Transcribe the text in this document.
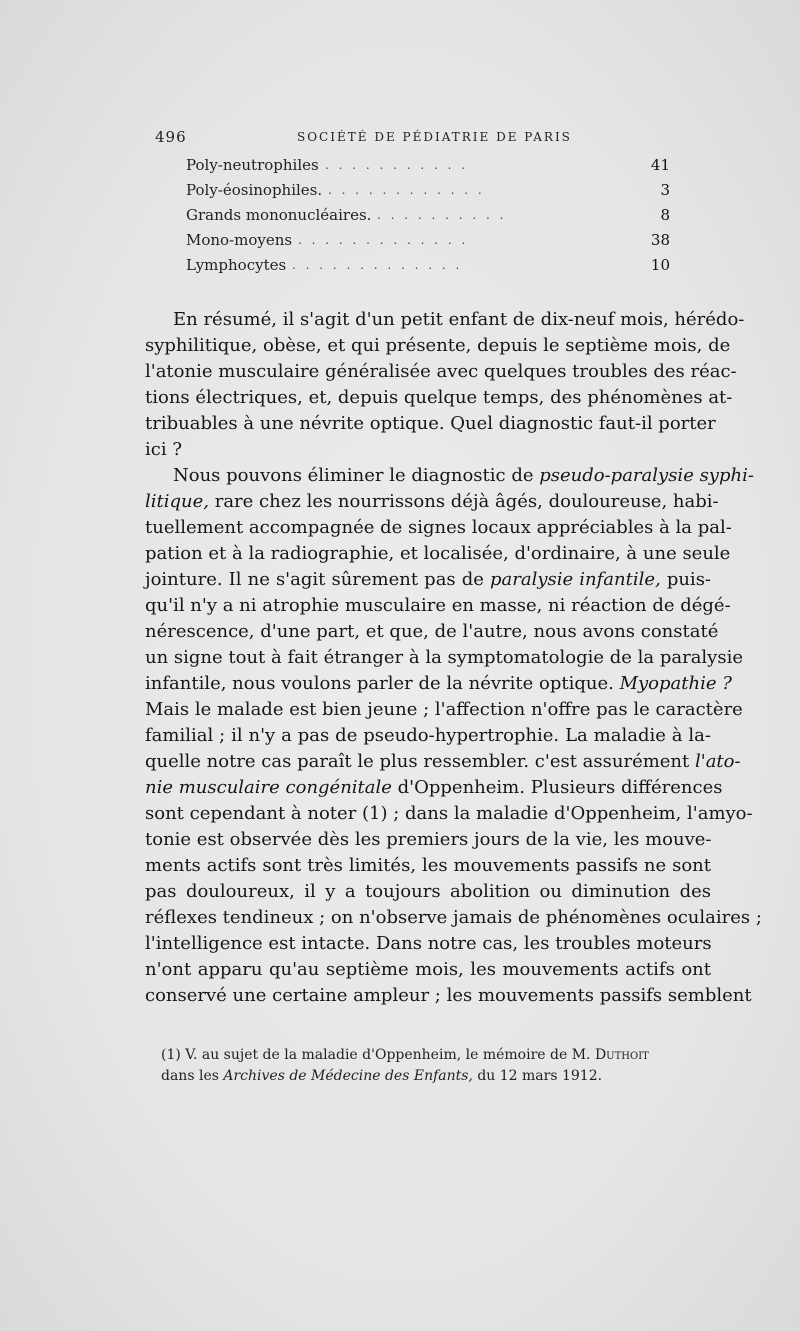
496	SOCIÉTÉ DE PÉDIATRIE DE PARIS
Poly-neutrophiles . . . . . . . . . . .	41
Poly-éosinophiles. . . . . . . . . . . . .	3
Grands mononucléaires. . . . . . . . . . .	8
Mono-moyens . . . . . . . . . . . . .	38
Lymphocytes . . . . . . . . . . . . .	10
En résumé, il s'agit d'un petit enfant de dix-neuf mois, hérédo-
syphilitique, obèse, et qui présente, depuis le septième mois, de
l'atonie musculaire généralisée avec quelques troubles des réac-
tions électriques, et, depuis quelque temps, des phénomènes at-
tribuables à une névrite optique. Quel diagnostic faut-il porter
ici ?
Nous pouvons éliminer le diagnostic de pseudo-paralysie syphi-
litique, rare chez les nourrissons déjà âgés, douloureuse, habi-
tuellement accompagnée de signes locaux appréciables à la pal-
pation et à la radiographie, et localisée, d'ordinaire, à une seule
jointure. Il ne s'agit sûrement pas de paralysie infantile, puis-
qu'il n'y a ni atrophie musculaire en masse, ni réaction de dégé-
nérescence, d'une part, et que, de l'autre, nous avons constaté
un signe tout à fait étranger à la symptomatologie de la paralysie
infantile, nous voulons parler de la névrite optique. Myopathie ?
Mais le malade est bien jeune ; l'affection n'offre pas le caractère
familial ; il n'y a pas de pseudo-hypertrophie. La maladie à la-
quelle notre cas paraît le plus ressembler. c'est assurément l'ato-
nie musculaire congénitale d'Oppenheim. Plusieurs différences
sont cependant à noter (1) ; dans la maladie d'Oppenheim, l'amyo-
tonie est observée dès les premiers jours de la vie, les mouve-
ments actifs sont très limités, les mouvements passifs ne sont
pas douloureux, il y a toujours abolition ou diminution des
réflexes tendineux ; on n'observe jamais de phénomènes oculaires ;
l'intelligence est intacte. Dans notre cas, les troubles moteurs
n'ont apparu qu'au septième mois, les mouvements actifs ont
conservé une certaine ampleur ; les mouvements passifs semblent
(1) V. au sujet de la maladie d'Oppenheim, le mémoire de M. Duthoit
dans les Archives de Médecine des Enfants, du 12 mars 1912.
